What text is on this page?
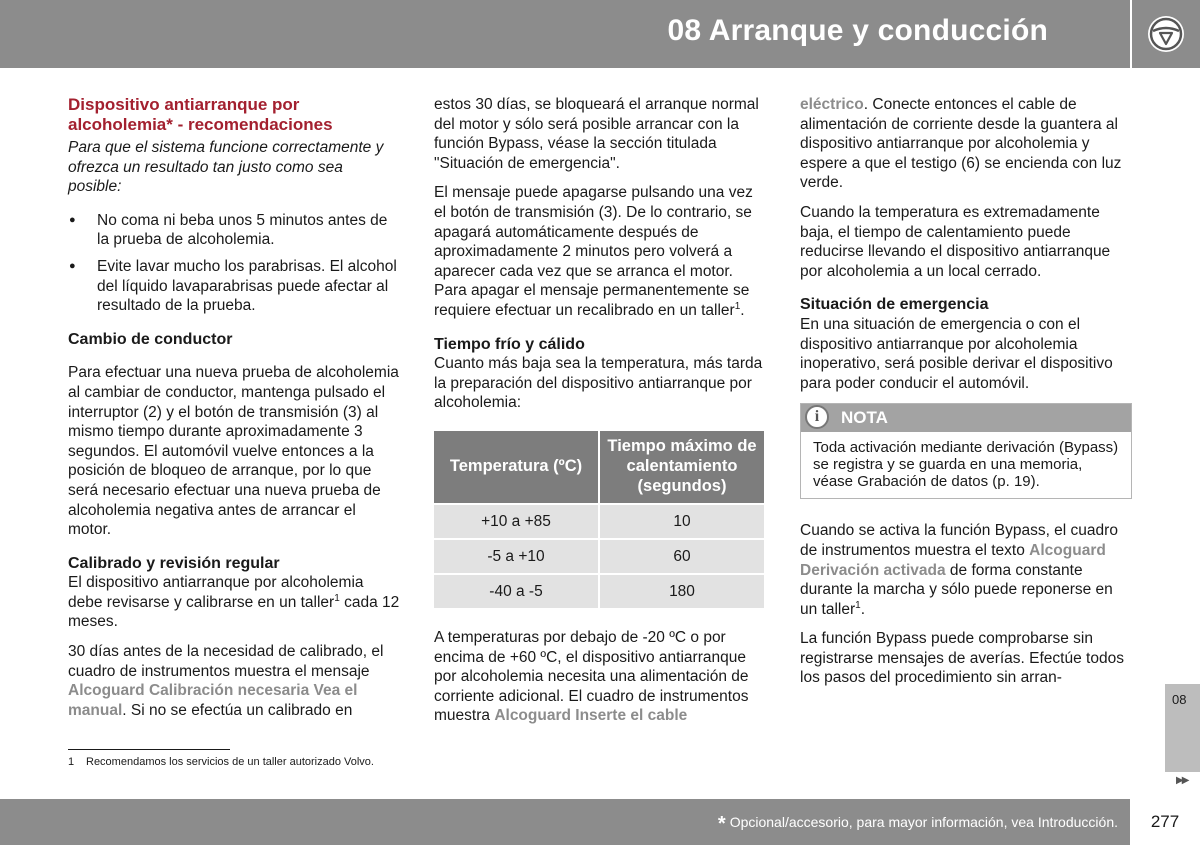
08 Arranque y conducción
Dispositivo antiarranque por alcoholemia* - recomendaciones

Para que el sistema funcione correctamente y ofrezca un resultado tan justo como sea posible:

● No coma ni beba unos 5 minutos antes de la prueba de alcoholemia.
● Evite lavar mucho los parabrisas. El alcohol del líquido lavaparabrisas puede afectar al resultado de la prueba.

Cambio de conductor

Para efectuar una nueva prueba de alcoholemia al cambiar de conductor, mantenga pulsado el interruptor (2) y el botón de transmisión (3) al mismo tiempo durante aproximadamente 3 segundos. El automóvil vuelve entonces a la posición de bloqueo de arranque, por lo que será necesario efectuar una nueva prueba de alcoholemia negativa antes de arrancar el motor.

Calibrado y revisión regular

El dispositivo antiarranque por alcoholemia debe revisarse y calibrarse en un taller$^1$ cada 12 meses.

30 días antes de la necesidad de calibrado, el cuadro de instrumentos muestra el mensaje Alcoguard Calibración necesaria Vea el manual. Si no se efectúa un calibrado en

estos 30 días, se bloqueará el arranque normal del motor y sólo será posible arrancar con la función Bypass, véase la sección titulada "Situación de emergencia".

El mensaje puede apagarse pulsando una vez el botón de transmisión (3). De lo contrario, se apagará automáticamente después de aproximadamente 2 minutos pero volverá a aparecer cada vez que se arranca el motor. Para apagar el mensaje permanentemente se requiere efectuar un recalibrado en un taller$^1$.

Tiempo frío y cálido

Cuanto más baja sea la temperatura, más tarda la preparación del dispositivo antiarranque por alcoholemia:

Temperatura (ºC)	Tiempo máximo de calentamiento (segundos)
+10 a +85	10
-5 a +10	60
-40 a -5	180

A temperaturas por debajo de -20 ºC o por encima de +60 ºC, el dispositivo antiarranque por alcoholemia necesita una alimentación de corriente adicional. El cuadro de instrumentos muestra Alcoguard Inserte el cable

eléctrico. Conecte entonces el cable de alimentación de corriente desde la guantera al dispositivo antiarranque por alcoholemia y espere a que el testigo (6) se encienda con luz verde.

Cuando la temperatura es extremadamente baja, el tiempo de calentamiento puede reducirse llevando el dispositivo antiarranque por alcoholemia a un local cerrado.

Situación de emergencia

En una situación de emergencia o con el dispositivo antiarranque por alcoholemia inoperativo, será posible derivar el dispositivo para poder conducir el automóvil.

i	NOTA
Toda activación mediante derivación (Bypass) se registra y se guarda en una memoria, véase Grabación de datos (p. 19).

Cuando se activa la función Bypass, el cuadro de instrumentos muestra el texto Alcoguard Derivación activada de forma constante durante la marcha y sólo puede reponerse en un taller$^1$.

La función Bypass puede comprobarse sin registrarse mensajes de averías. Efectúe todos los pasos del procedimiento sin arran-

1 Recomendamos los servicios de un taller autorizado Volvo.
08
▶▶
* Opcional/accesorio, para mayor información, vea Introducción.	277
